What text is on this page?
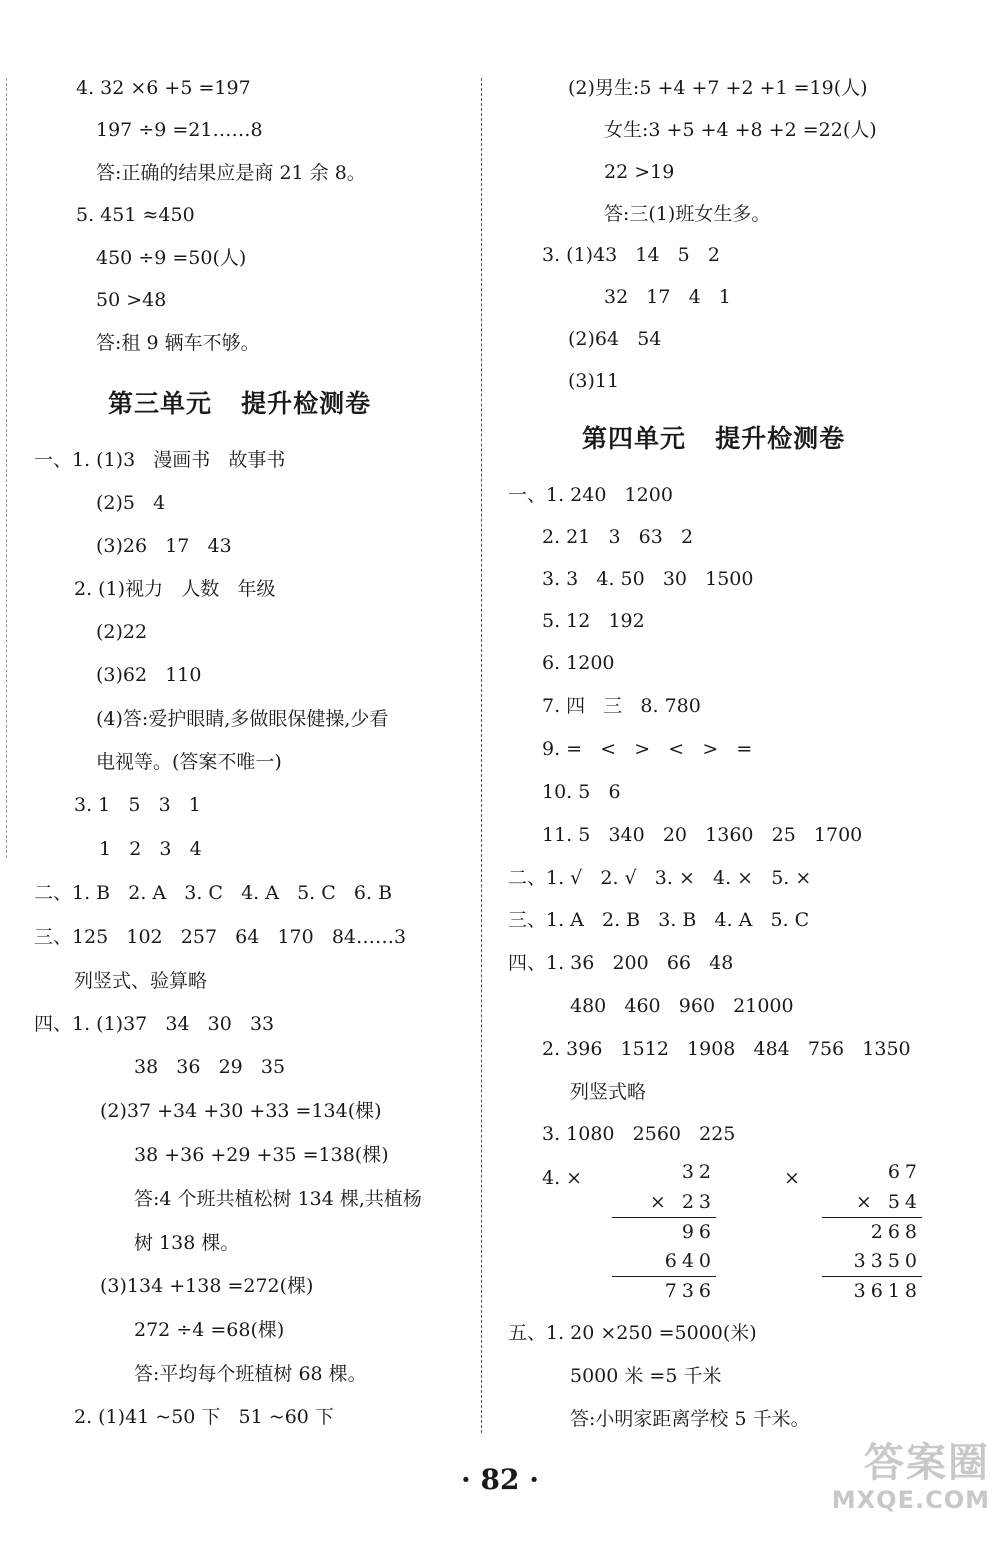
4. 32 ×6 +5 =197
197 ÷9 =21……8
答:正确的结果应是商 21 余 8。
5. 451 ≈450
450 ÷9 =50(人)
50 >48
答:租 9 辆车不够。
第三单元   提升检测卷
一、1. (1)3   漫画书   故事书
(2)5   4
(3)26   17   43
2. (1)视力   人数   年级
(2)22
(3)62   110
(4)答:爱护眼睛,多做眼保健操,少看
电视等。(答案不唯一)
3. 1   5   3   1
1   2   3   4
二、1. B   2. A   3. C   4. A   5. C   6. B
三、125   102   257   64   170   84……3
列竖式、验算略
四、1. (1)37   34   30   33
38   36   29   35
(2)37 +34 +30 +33 =134(棵)
38 +36 +29 +35 =138(棵)
答:4 个班共植松树 134 棵,共植杨
树 138 棵。
(3)134 +138 =272(棵)
272 ÷4 =68(棵)
答:平均每个班植树 68 棵。
2. (1)41 ~50 下   51 ~60 下
(2)男生:5 +4 +7 +2 +1 =19(人)
女生:3 +5 +4 +8 +2 =22(人)
22 >19
答:三(1)班女生多。
3. (1)43   14   5   2
32   17   4   1
(2)64   54
(3)11
第四单元   提升检测卷
一、1. 240   1200
2. 21   3   63   2
3. 3   4. 50   30   1500
5. 12   192
6. 1200
7. 四   三   8. 780
9. =   <   >   <   >   =
10. 5   6
11. 5   340   20   1360   25   1700
二、1. √   2. √   3. ×   4. ×   5. ×
三、1. A   2. B   3. B   4. A   5. C
四、1. 36   200   66   48
480   460   960   21000
2. 396   1512   1908   484   756   1350
列竖式略
3. 1080   2560   225
4. ×	×
32
× 23
96
640
736
67
× 54
268
3350
3618
五、1. 20 ×250 =5000(米)
5000 米 =5 千米
答:小明家距离学校 5 千米。
· 82 ·	答案圈
MXQE.COM
